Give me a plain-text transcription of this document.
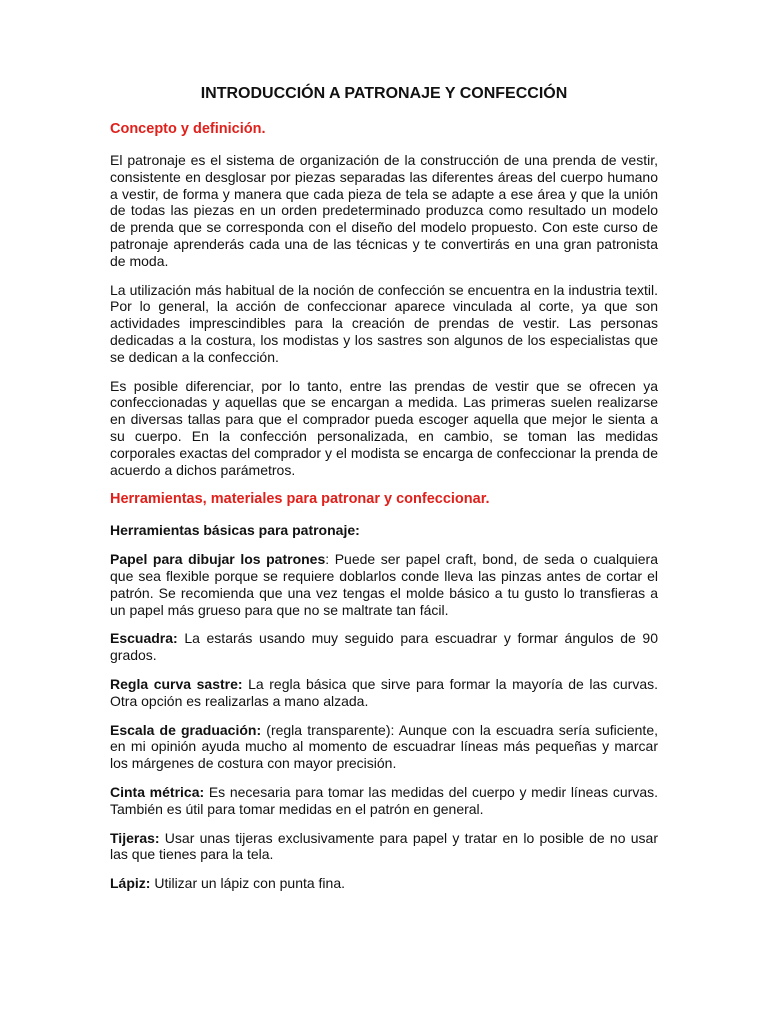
INTRODUCCIÓN A PATRONAJE Y CONFECCIÓN
Concepto y definición.

El patronaje es el sistema de organización de la construcción de una prenda de vestir, consistente en desglosar por piezas separadas las diferentes áreas del cuerpo humano a vestir, de forma y manera que cada pieza de tela se adapte a ese área y que la unión de todas las piezas en un orden predeterminado produzca como resultado un modelo de prenda que se corresponda con el diseño del modelo propuesto. Con este curso de patronaje aprenderás cada una de las técnicas y te convertirás en una gran patronista de moda.

La utilización más habitual de la noción de confección se encuentra en la industria textil. Por lo general, la acción de confeccionar aparece vinculada al corte, ya que son actividades imprescindibles para la creación de prendas de vestir. Las personas dedicadas a la costura, los modistas y los sastres son algunos de los especialistas que se dedican a la confección.

Es posible diferenciar, por lo tanto, entre las prendas de vestir que se ofrecen ya confeccionadas y aquellas que se encargan a medida. Las primeras suelen realizarse en diversas tallas para que el comprador pueda escoger aquella que mejor le sienta a su cuerpo. En la confección personalizada, en cambio, se toman las medidas corporales exactas del comprador y el modista se encarga de confeccionar la prenda de acuerdo a dichos parámetros.

Herramientas, materiales para patronar y confeccionar.
Herramientas básicas para patronaje:

Papel para dibujar los patrones: Puede ser papel craft, bond, de seda o cualquiera que sea flexible porque se requiere doblarlos conde lleva las pinzas antes de cortar el patrón. Se recomienda que una vez tengas el molde básico a tu gusto lo transfieras a un papel más grueso para que no se maltrate tan fácil.

Escuadra: La estarás usando muy seguido para escuadrar y formar ángulos de 90 grados.

Regla curva sastre: La regla básica que sirve para formar la mayoría de las curvas. Otra opción es realizarlas a mano alzada.

Escala de graduación: (regla transparente): Aunque con la escuadra sería suficiente, en mi opinión ayuda mucho al momento de escuadrar líneas más pequeñas y marcar los márgenes de costura con mayor precisión.

Cinta métrica: Es necesaria para tomar las medidas del cuerpo y medir líneas curvas. También es útil para tomar medidas en el patrón en general.

Tijeras: Usar unas tijeras exclusivamente para papel y tratar en lo posible de no usar las que tienes para la tela.

Lápiz: Utilizar un lápiz con punta fina.
